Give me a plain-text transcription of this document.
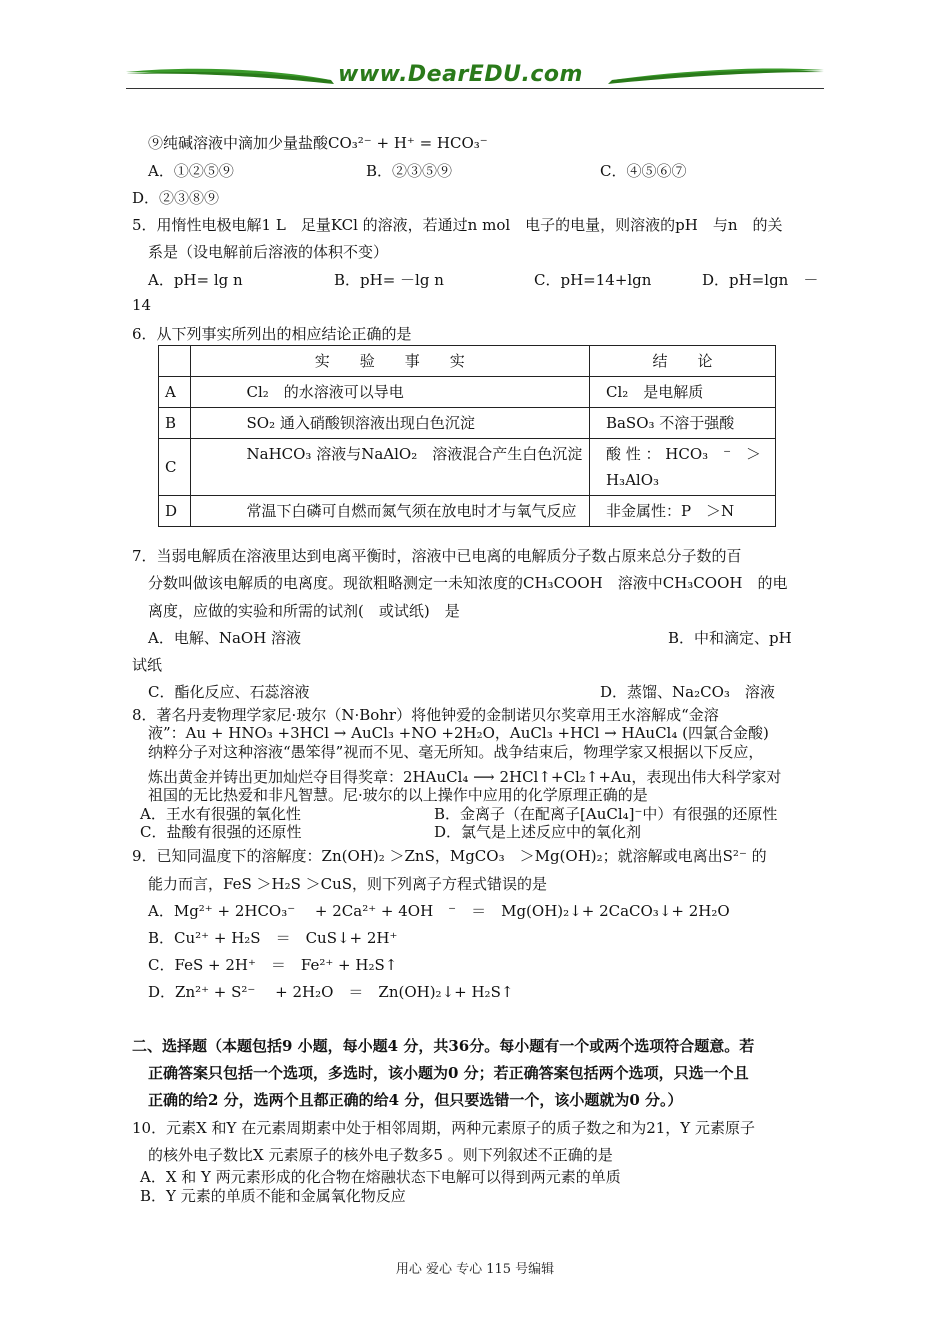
www.DearEDU.com
⑨纯碱溶液中滴加少量盐酸CO₃²⁻ + H⁺ = HCO₃⁻
A．①②⑤⑨	B．②③⑤⑨	C．④⑤⑥⑦
D．②③⑧⑨
5．用惰性电极电解1 L　足量KCl 的溶液，若通过n mol　电子的电量，则溶液的pH　与n　的关
系是（设电解前后溶液的体积不变）
A．pH= lg n	B．pH= －lg n	C．pH=14+lgn	D．pH=lgn　－
14
6．从下列事实所列出的相应结论正确的是
	实　　验　　事　　实	结　　论
A	Cl₂　的水溶液可以导电	Cl₂　是电解质
B	SO₂ 通入硝酸钡溶液出现白色沉淀	BaSO₃ 不溶于强酸
C	NaHCO₃ 溶液与NaAlO₂　溶液混合产生白色沉淀	酸 性 ： HCO₃　⁻　＞ H₃AlO₃
D	常温下白磷可自燃而氮气须在放电时才与氧气反应	非金属性：P　＞N
7．当弱电解质在溶液里达到电离平衡时，溶液中已电离的电解质分子数占原来总分子数的百
分数叫做该电解质的电离度。现欲粗略测定一未知浓度的CH₃COOH　溶液中CH₃COOH　的电
离度，应做的实验和所需的试剂(　或试纸)　是
A．电解、NaOH 溶液	B．中和滴定、pH
试纸
C．酯化反应、石蕊溶液	D．蒸馏、Na₂CO₃　溶液
8．著名丹麦物理学家尼·玻尔（N·Bohr）将他钟爱的金制诺贝尔奖章用王水溶解成“金溶
液”：Au + HNO₃ +3HCl → AuCl₃ +NO +2H₂O，AuCl₃ +HCl → HAuCl₄ (四氯合金酸)
纳粹分子对这种溶液“愚笨得”视而不见、毫无所知。战争结束后，物理学家又根据以下反应，
炼出黄金并铸出更加灿烂夺目得奖章：2HAuCl₄ ⟶ 2HCl↑+Cl₂↑+Au，表现出伟大科学家对
祖国的无比热爱和非凡智慧。尼·玻尔的以上操作中应用的化学原理正确的是
A．王水有很强的氧化性	B．金离子（在配离子[AuCl₄]⁻中）有很强的还原性
C．盐酸有很强的还原性	D．氯气是上述反应中的氧化剂
9．已知同温度下的溶解度：Zn(OH)₂ ＞ZnS，MgCO₃　＞Mg(OH)₂；就溶解或电离出S²⁻ 的
能力而言，FeS ＞H₂S ＞CuS，则下列离子方程式错误的是
A．Mg²⁺ + 2HCO₃⁻　 + 2Ca²⁺ + 4OH　⁻　＝　Mg(OH)₂↓+ 2CaCO₃↓+ 2H₂O
B．Cu²⁺ + H₂S　＝　CuS↓+ 2H⁺
C．FeS + 2H⁺　＝　Fe²⁺ + H₂S↑
D．Zn²⁺ + S²⁻　 + 2H₂O　＝　Zn(OH)₂↓+ H₂S↑
二、选择题（本题包括9 小题，每小题4 分，共36分。每小题有一个或两个选项符合题意。若
正确答案只包括一个选项，多选时，该小题为0 分；若正确答案包括两个选项，只选一个且
正确的给2 分，选两个且都正确的给4 分，但只要选错一个，该小题就为0 分。）
10．元素X 和Y 在元素周期素中处于相邻周期，两种元素原子的质子数之和为21，Y 元素原子
的核外电子数比X 元素原子的核外电子数多5 。则下列叙述不正确的是
A．X 和 Y 两元素形成的化合物在熔融状态下电解可以得到两元素的单质
B．Y 元素的单质不能和金属氧化物反应
用心 爱心 专心 115 号编辑
